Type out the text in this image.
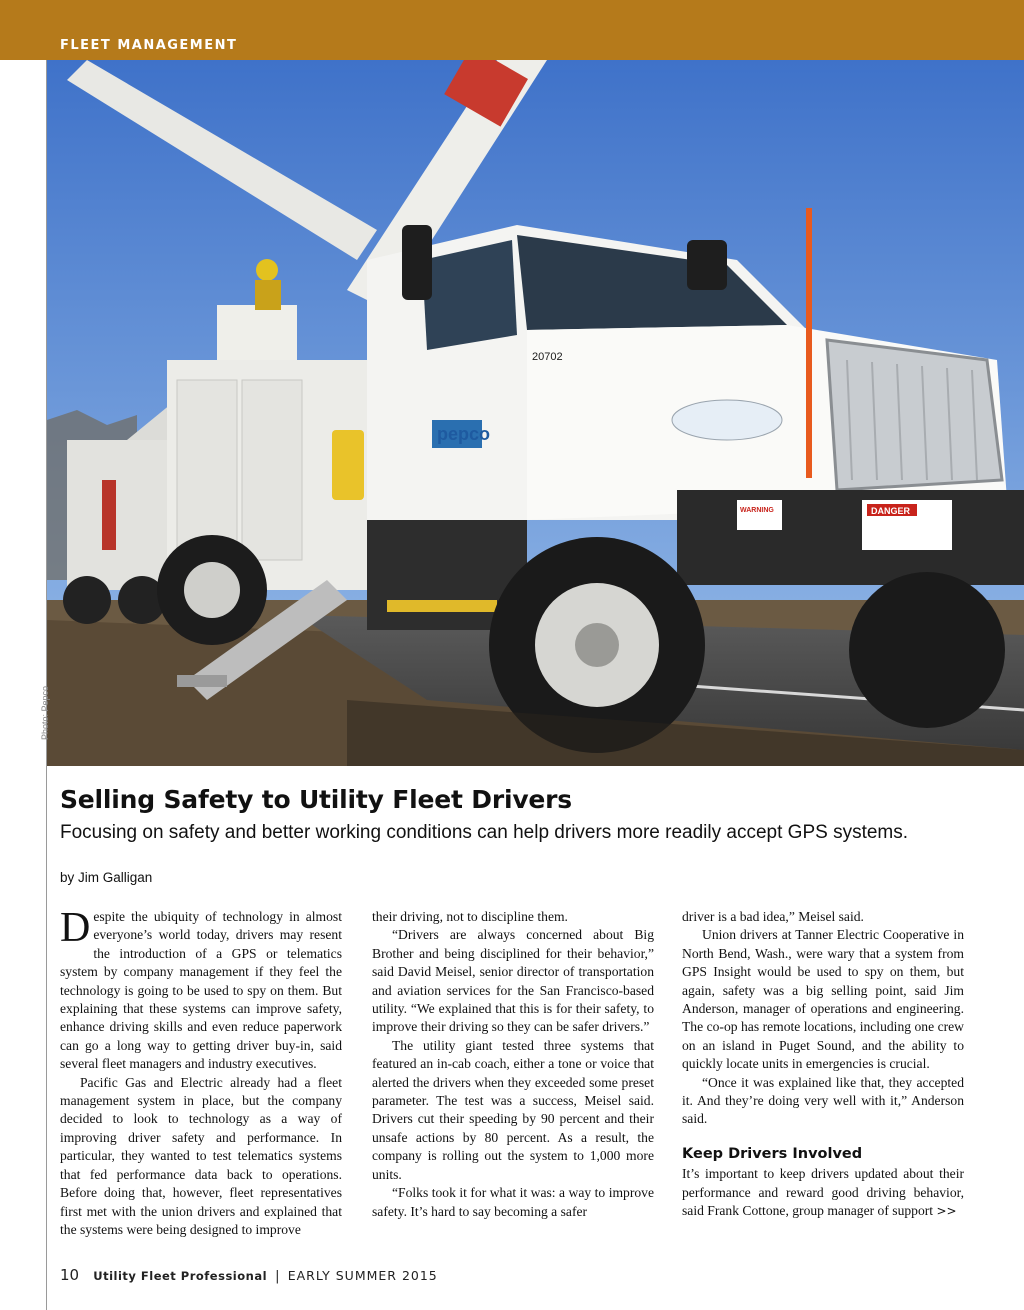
FLEET MANAGEMENT
pepco
20702
DANGER
WARNING
Photo: Pepco
Selling Safety to Utility Fleet Drivers

Focusing on safety and better working conditions can help drivers more readily accept GPS systems.

by Jim Galligan

Despite the ubiquity of technology in almost everyone’s world today, drivers may resent the introduction of a GPS or telematics system by company management if they feel the technology is going to be used to spy on them. But explaining that these systems can improve safety, enhance driving skills and even reduce paperwork can go a long way to getting driver buy-in, said several fleet managers and industry executives.

Pacific Gas and Electric already had a fleet management system in place, but the company decided to look to technology as a way of improving driver safety and performance. In particular, they wanted to test telematics systems that fed performance data back to operations. Before doing that, however, fleet representatives first met with the union drivers and explained that the systems were being designed to improve

their driving, not to discipline them.

“Drivers are always concerned about Big Brother and being disciplined for their behavior,” said David Meisel, senior director of transportation and aviation services for the San Francisco-based utility. “We explained that this is for their safety, to improve their driving so they can be safer drivers.”

The utility giant tested three systems that featured an in-cab coach, either a tone or voice that alerted the drivers when they exceeded some preset parameter. The test was a success, Meisel said. Drivers cut their speeding by 90 percent and their unsafe actions by 80 percent. As a result, the company is rolling out the system to 1,000 more units.

“Folks took it for what it was: a way to improve safety. It’s hard to say becoming a safer

driver is a bad idea,” Meisel said.

Union drivers at Tanner Electric Cooperative in North Bend, Wash., were wary that a system from GPS Insight would be used to spy on them, but again, safety was a big selling point, said Jim Anderson, manager of operations and engineering. The co-op has remote locations, including one crew on an island in Puget Sound, and the ability to quickly locate units in emergencies is crucial.

“Once it was explained like that, they accepted it. And they’re doing very well with it,” Anderson said.

Keep Drivers Involved

It’s important to keep drivers updated about their performance and reward good driving behavior, said Frank Cottone, group manager of support >>

10 Utility Fleet Professional | EARLY SUMMER 2015
